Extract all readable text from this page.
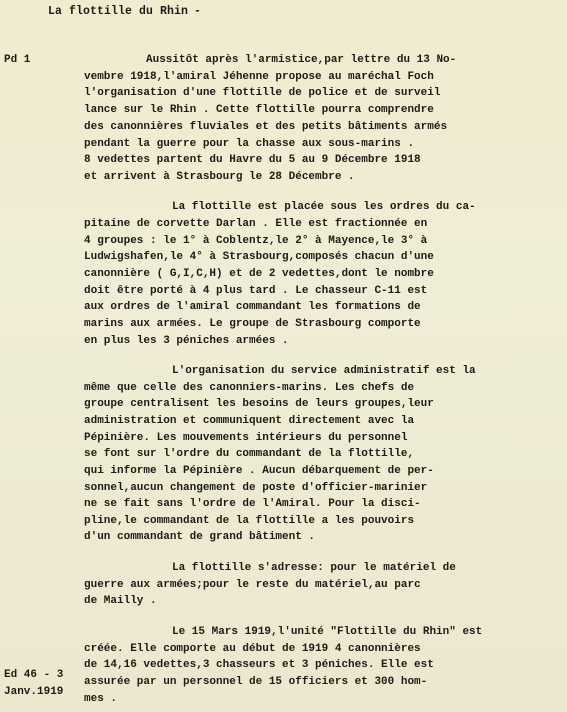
La flottille du Rhin -
Pd 1	Aussitôt après l'armistice,par lettre du 13 No-
vembre 1918,l'amiral Jéhenne propose au maréchal Foch
l'organisation d'une flottille de police et de surveil
lance sur le Rhin . Cette flottille pourra comprendre
des canonnières fluviales et des petits bâtiments armés
pendant la guerre pour la chasse aux sous-marins .
8 vedettes partent du Havre du 5 au 9 Décembre 1918
et arrivent à Strasbourg le 28 Décembre .
La flottille est placée sous les ordres du ca-
pitaine de corvette Darlan . Elle est fractionnée en
4 groupes : le 1° à Coblentz,le 2° à Mayence,le 3° à
Ludwigshafen,le 4° à Strasbourg,composés chacun d'une
canonnière ( G,I,C,H) et de 2 vedettes,dont le nombre
doit être porté à 4 plus tard . Le chasseur C-11 est
aux ordres de l'amiral commandant les formations de
marins aux armées. Le groupe de Strasbourg comporte
en plus les 3 péniches armées .
L'organisation du service administratif est la
même que celle des canonniers-marins. Les chefs de
groupe centralisent les besoins de leurs groupes,leur
administration et communiquent directement avec la
Pépinière. Les mouvements intérieurs du personnel
se font sur l'ordre du commandant de la flottille,
qui informe la Pépinière . Aucun débarquement de per-
sonnel,aucun changement de poste d'officier-marinier
ne se fait sans l'ordre de l'Amiral. Pour la disci-
pline,le commandant de la flottille a les pouvoirs
d'un commandant de grand bâtiment .
La flottille s'adresse: pour le matériel de
guerre aux armées;pour le reste du matériel,au parc
de Mailly .
Le 15 Mars 1919,l'unité "Flottille du Rhin" est
créée. Elle comporte au début de 1919 4 canonnières
de 14,16 vedettes,3 chasseurs et 3 péniches. Elle est
assurée par un personnel de 15 officiers et 300 hom-
mes .
Ed 46 - 3
Janv.1919
